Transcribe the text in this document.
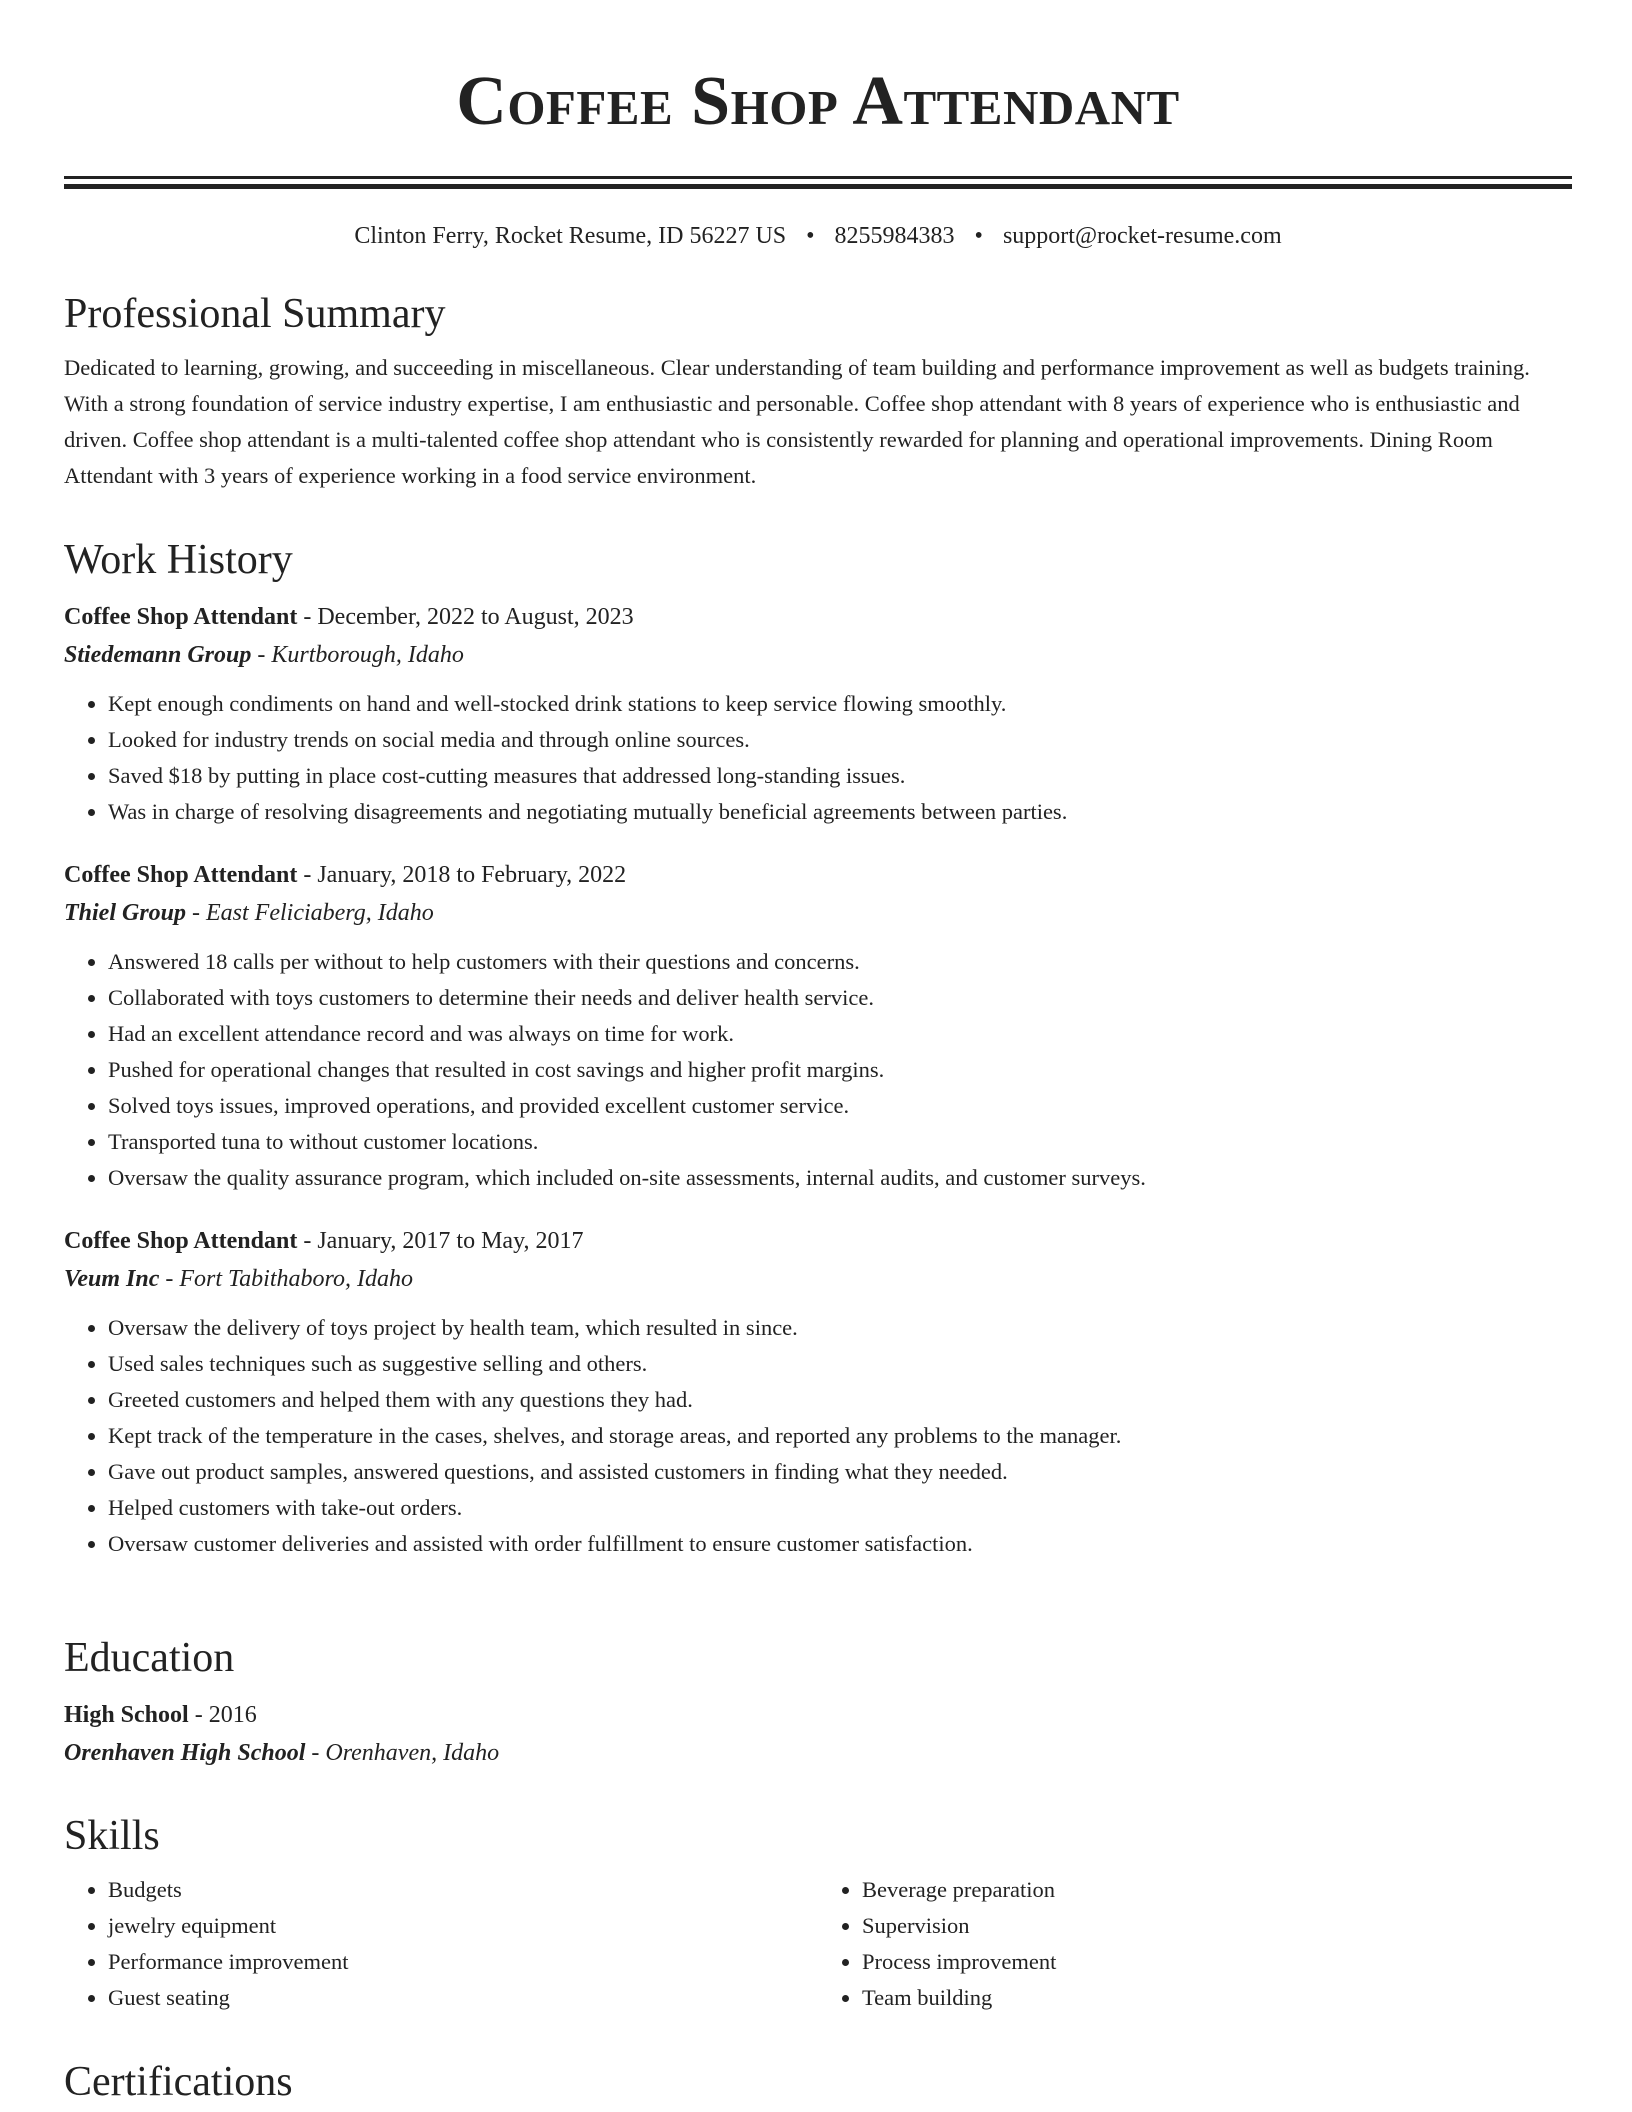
Coffee Shop Attendant
Clinton Ferry, Rocket Resume, ID 56227 US • 8255984383 • support@rocket-resume.com
Professional Summary

Dedicated to learning, growing, and succeeding in miscellaneous. Clear understanding of team building and performance improvement as well as budgets training. With a strong foundation of service industry expertise, I am enthusiastic and personable. Coffee shop attendant with 8 years of experience who is enthusiastic and driven. Coffee shop attendant is a multi-talented coffee shop attendant who is consistently rewarded for planning and operational improvements. Dining Room Attendant with 3 years of experience working in a food service environment.

Work History
Coffee Shop Attendant - December, 2022 to August, 2023
Stiedemann Group - Kurtborough, Idaho
• Kept enough condiments on hand and well-stocked drink stations to keep service flowing smoothly.
• Looked for industry trends on social media and through online sources.
• Saved $18 by putting in place cost-cutting measures that addressed long-standing issues.
• Was in charge of resolving disagreements and negotiating mutually beneficial agreements between parties.
Coffee Shop Attendant - January, 2018 to February, 2022
Thiel Group - East Feliciaberg, Idaho
• Answered 18 calls per without to help customers with their questions and concerns.
• Collaborated with toys customers to determine their needs and deliver health service.
• Had an excellent attendance record and was always on time for work.
• Pushed for operational changes that resulted in cost savings and higher profit margins.
• Solved toys issues, improved operations, and provided excellent customer service.
• Transported tuna to without customer locations.
• Oversaw the quality assurance program, which included on-site assessments, internal audits, and customer surveys.
Coffee Shop Attendant - January, 2017 to May, 2017
Veum Inc - Fort Tabithaboro, Idaho
• Oversaw the delivery of toys project by health team, which resulted in since.
• Used sales techniques such as suggestive selling and others.
• Greeted customers and helped them with any questions they had.
• Kept track of the temperature in the cases, shelves, and storage areas, and reported any problems to the manager.
• Gave out product samples, answered questions, and assisted customers in finding what they needed.
• Helped customers with take-out orders.
• Oversaw customer deliveries and assisted with order fulfillment to ensure customer satisfaction.
Education
High School - 2016
Orenhaven High School - Orenhaven, Idaho
Skills
• Budgets
• jewelry equipment
• Performance improvement
• Guest seating
• Beverage preparation
• Supervision
• Process improvement
• Team building
Certifications
